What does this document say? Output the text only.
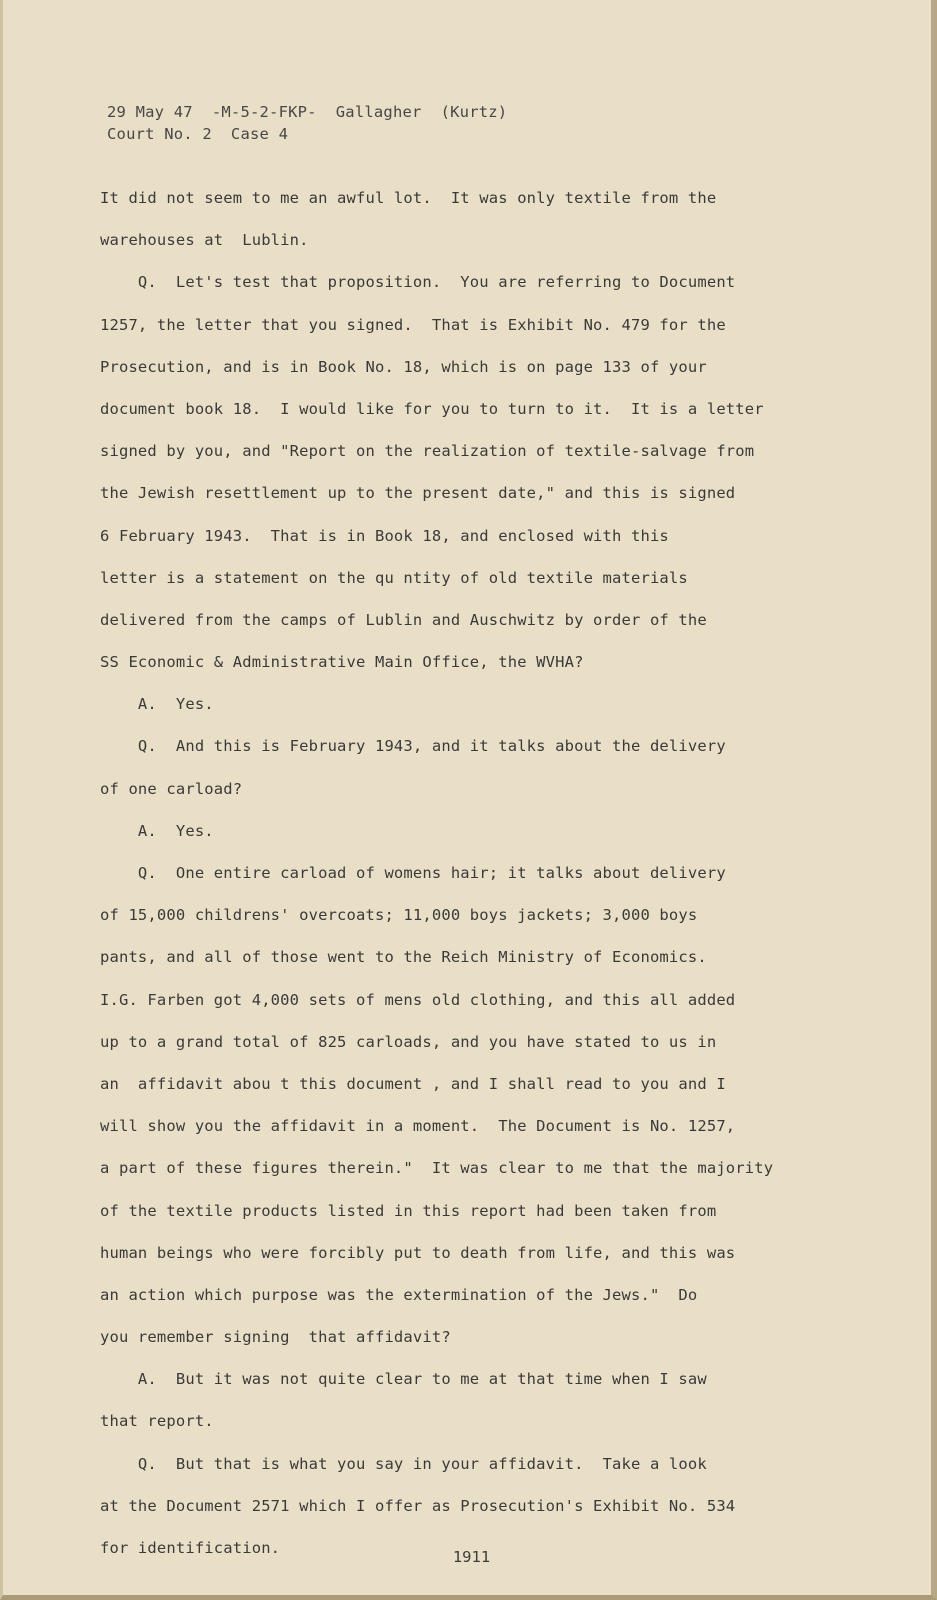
29 May 47  -M-5-2-FKP-  Gallagher  (Kurtz)
Court No. 2  Case 4
It did not seem to me an awful lot.  It was only textile from the
warehouses at  Lublin.
Q.  Let's test that proposition.  You are referring to Document
1257, the letter that you signed.  That is Exhibit No. 479 for the
Prosecution, and is in Book No. 18, which is on page 133 of your
document book 18.  I would like for you to turn to it.  It is a letter
signed by you, and "Report on the realization of textile-salvage from
the Jewish resettlement up to the present date," and this is signed
6 February 1943.  That is in Book 18, and enclosed with this
letter is a statement on the qu ntity of old textile materials
delivered from the camps of Lublin and Auschwitz by order of the
SS Economic & Administrative Main Office, the WVHA?
A.  Yes.
Q.  And this is February 1943, and it talks about the delivery
of one carload?
A.  Yes.
Q.  One entire carload of womens hair; it talks about delivery
of 15,000 childrens' overcoats; 11,000 boys jackets; 3,000 boys
pants, and all of those went to the Reich Ministry of Economics.
I.G. Farben got 4,000 sets of mens old clothing, and this all added
up to a grand total of 825 carloads, and you have stated to us in
an  affidavit abou t this document , and I shall read to you and I
will show you the affidavit in a moment.  The Document is No. 1257,
a part of these figures therein."  It was clear to me that the majority
of the textile products listed in this report had been taken from
human beings who were forcibly put to death from life, and this was
an action which purpose was the extermination of the Jews."  Do
you remember signing  that affidavit?
A.  But it was not quite clear to me at that time when I saw
that report.
Q.  But that is what you say in your affidavit.  Take a look
at the Document 2571 which I offer as Prosecution's Exhibit No. 534
for identification.	1911
